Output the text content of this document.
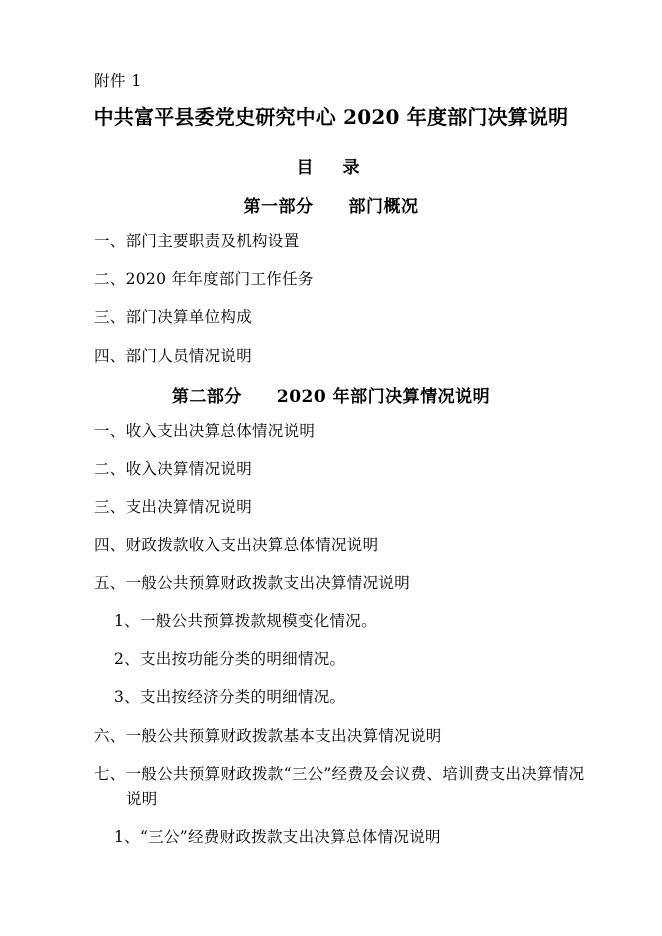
附件 1
中共富平县委党史研究中心 2020 年度部门决算说明
目　录
第一部分　　部门概况
一、部门主要职责及机构设置
二、2020 年年度部门工作任务
三、部门决算单位构成
四、部门人员情况说明
第二部分　　2020 年部门决算情况说明
一、收入支出决算总体情况说明
二、收入决算情况说明
三、支出决算情况说明
四、财政拨款收入支出决算总体情况说明
五、一般公共预算财政拨款支出决算情况说明
1、一般公共预算拨款规模变化情况。
2、支出按功能分类的明细情况。
3、支出按经济分类的明细情况。
六、一般公共预算财政拨款基本支出决算情况说明
七、一般公共预算财政拨款“三公”经费及会议费、培训费支出决算情况说明
1、“三公”经费财政拨款支出决算总体情况说明
